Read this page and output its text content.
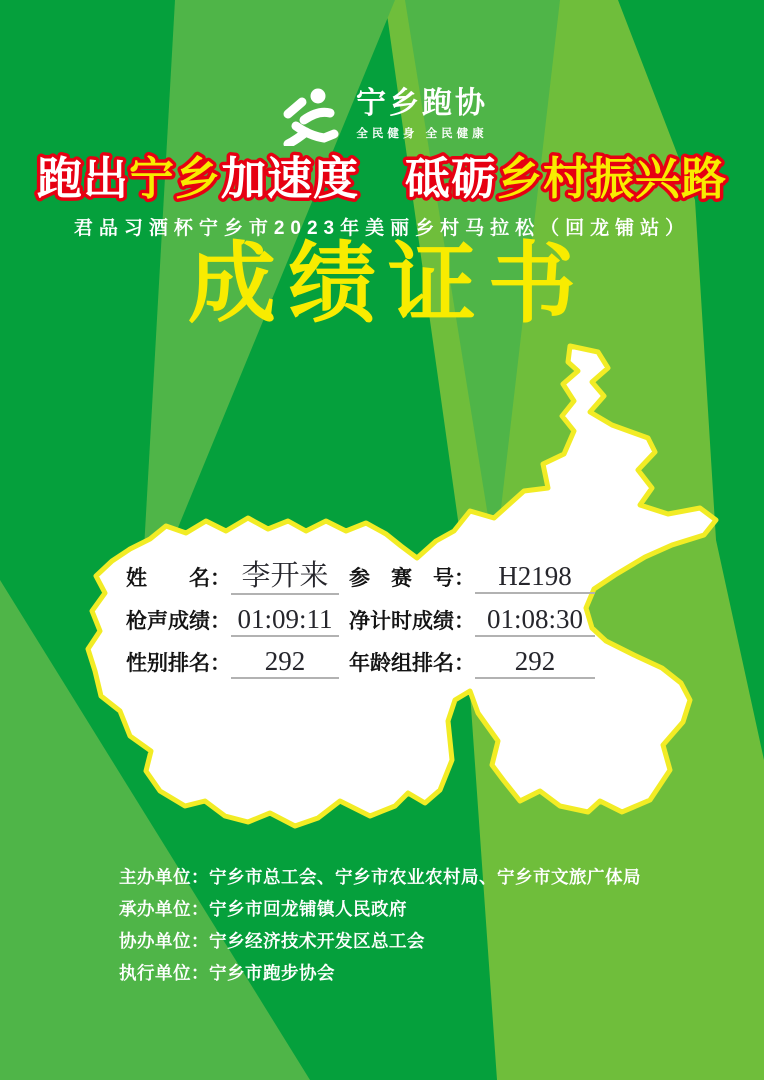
宁乡跑协
全民健身 全民健康
跑出宁乡加速度　砥砺乡村振兴路
君品习酒杯宁乡市2023年美丽乡村马拉松（回龙铺站）
成绩证书
姓　　名： 李开来 参　赛　号： H2198
枪声成绩： 01:09:11 净计时成绩： 01:08:30
性别排名：	292	年龄组排名：	292
主办单位：宁乡市总工会、宁乡市农业农村局、宁乡市文旅广体局
承办单位：宁乡市回龙铺镇人民政府
协办单位：宁乡经济技术开发区总工会
执行单位：宁乡市跑步协会
